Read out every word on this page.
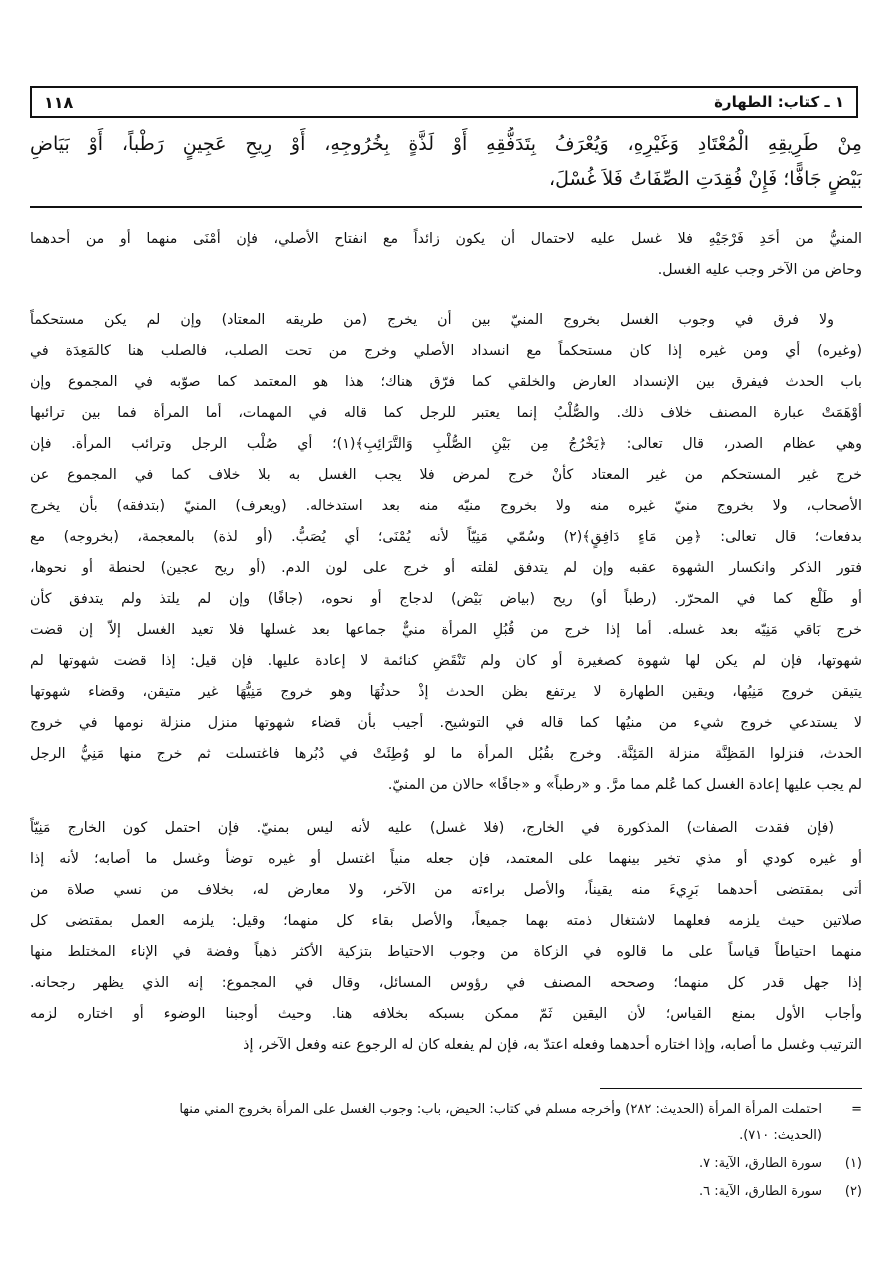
١ ـ كتاب: الطهارة
١١٨
مِنْ طَرِيقِهِ الْمُعْتَادِ وَغَيْرِهِ، وَيُعْرَفُ بِتَدَفُّقِهِ أَوْ لَذَّةٍ بِخُرُوجِهِ، أَوْ رِيحِ عَجِينٍ رَطْباً، أَوْ بَيَاضِ
بَيْضٍ جَافًّا؛ فَإِنْ فُقِدَتِ الصِّفَاتُ فَلاَ غُسْلَ،
المنيُّ من أحَدِ فَرْجَيْهِ فلا غسل عليه لاحتمال أن يكون زائداً مع انفتاح الأصلي، فإن أمْنَى منهما أو من أحدهما
وحاض من الآخر وجب عليه الغسل.
ولا فرق في وجوب الغسل بخروج المنيّ بين أن يخرج (من طريقه المعتاد) وإن لم يكن مستحكماً
(وغيره) أي ومن غيره إذا كان مستحكماً مع انسداد الأصلي وخرج من تحت الصلب، فالصلب هنا كالمَعِدَة في
باب الحدث فيفرق بين الإنسداد العارض والخلقي كما فرّق هناك؛ هذا هو المعتمد كما صوّبه في المجموع وإن
أوْهَمَتْ عبارة المصنف خلاف ذلك. والصُّلْبُ إنما يعتبر للرجل كما قاله في المهمات، أما المرأة فما بين ترائبها
وهي عظام الصدر، قال تعالى: ﴿يَخْرُجُ مِن بَيْنِ الصُّلْبِ وَالتَّرَائِبِ﴾(١)؛ أي صُلْب الرجل وترائب المرأة. فإن
خرج غير المستحكم من غير المعتاد كأنْ خرج لمرض فلا يجب الغسل به بلا خلاف كما في المجموع عن
الأصحاب، ولا بخروج منيّ غيره منه ولا بخروج منيّه منه بعد استدخاله. (ويعرف) المنيّ (بتدفقه) بأن يخرج
بدفعات؛ قال تعالى: ﴿مِن مَاءٍ دَافِقٍ﴾(٢) وسُمّي مَنِيّاً لأنه يُمْنَى؛ أي يُصَبُّ. (أو لذة) بالمعجمة، (بخروجه) مع
فتور الذكر وانكسار الشهوة عقبه وإن لم يتدفق لقلته أو خرج على لون الدم. (أو ريح عجين) لحنطة أو نحوها،
أو طَلْع كما في المحرّر. (رطباً أو) ريح (بياض بَيْض) لدجاج أو نحوه، (جافًا) وإن لم يلتذ ولم يتدفق كأن
خرج بَاقي مَنِيّه بعد غسله. أما إذا خرج من قُبُلِ المرأة منيٌّ جماعها بعد غسلها فلا تعيد الغسل إلاّ إن قضت
شهوتها، فإن لم يكن لها شهوة كصغيرة أو كان ولم تَنْقَضِ كنائمة لا إعادة عليها. فإن قيل: إذا قضت شهوتها لم
يتيقن خروج مَنِيُها، ويقين الطهارة لا يرتفع بظن الحدث إذْ حدثُهَا وهو خروج مَنِيُّهَا غير متيقن، وقضاء شهوتها
لا يستدعي خروج شيء من منيُها كما قاله في التوشيح. أجيب بأن قضاء شهوتها منزل منزلة نومها في خروج
الحدث، فنزلوا المَظِنَّة منزلة المَئِنَّة. وخرج بقُبُل المرأة ما لو وُطِئَتْ في دُبُرها فاغتسلت ثم خرج منها مَنِيُّ الرجل
لم يجب عليها إعادة الغسل كما عُلم مما مرَّ. و «رطباً» و «جافًا» حالان من المنيّ.
(فإن فقدت الصفات) المذكورة في الخارج، (فلا غسل) عليه لأنه ليس بمنيّ. فإن احتمل كون الخارج مَنِيّاً
أو غيره كودي أو مذي تخير بينهما على المعتمد، فإن جعله منياً اغتسل أو غيره توضأ وغسل ما أصابه؛ لأنه إذا
أتى بمقتضى أحدهما بَرِيءَ منه يقيناً، والأصل براءته من الآخر، ولا معارض له، بخلاف من نسي صلاة من
صلاتين حيث يلزمه فعلهما لاشتغال ذمته بهما جميعاً، والأصل بقاء كل منهما؛ وقيل: يلزمه العمل بمقتضى كل
منهما احتياطاً قياساً على ما قالوه في الزكاة من وجوب الاحتياط بتزكية الأكثر ذهباً وفضة في الإناء المختلط منها
إذا جهل قدر كل منهما؛ وصححه المصنف في رؤوس المسائل، وقال في المجموع: إنه الذي يظهر رجحانه.
وأجاب الأول بمنع القياس؛ لأن اليقين ثَمّ ممكن بسبكه بخلافه هنا. وحيث أوجبنا الوضوء أو اختاره لزمه
الترتيب وغسل ما أصابه، وإذا اختاره أحدهما وفعله اعتدّ به، فإن لم يفعله كان له الرجوع عنه وفعل الآخر، إذ
=
احتملت المرأة المرأة (الحديث: ٢٨٢) وأخرجه مسلم في كتاب: الحيض، باب: وجوب الغسل على المرأة بخروج المني منها
(الحديث: ٧١٠).
(١)
سورة الطارق، الآية: ٧.
(٢)
سورة الطارق، الآية: ٦.
